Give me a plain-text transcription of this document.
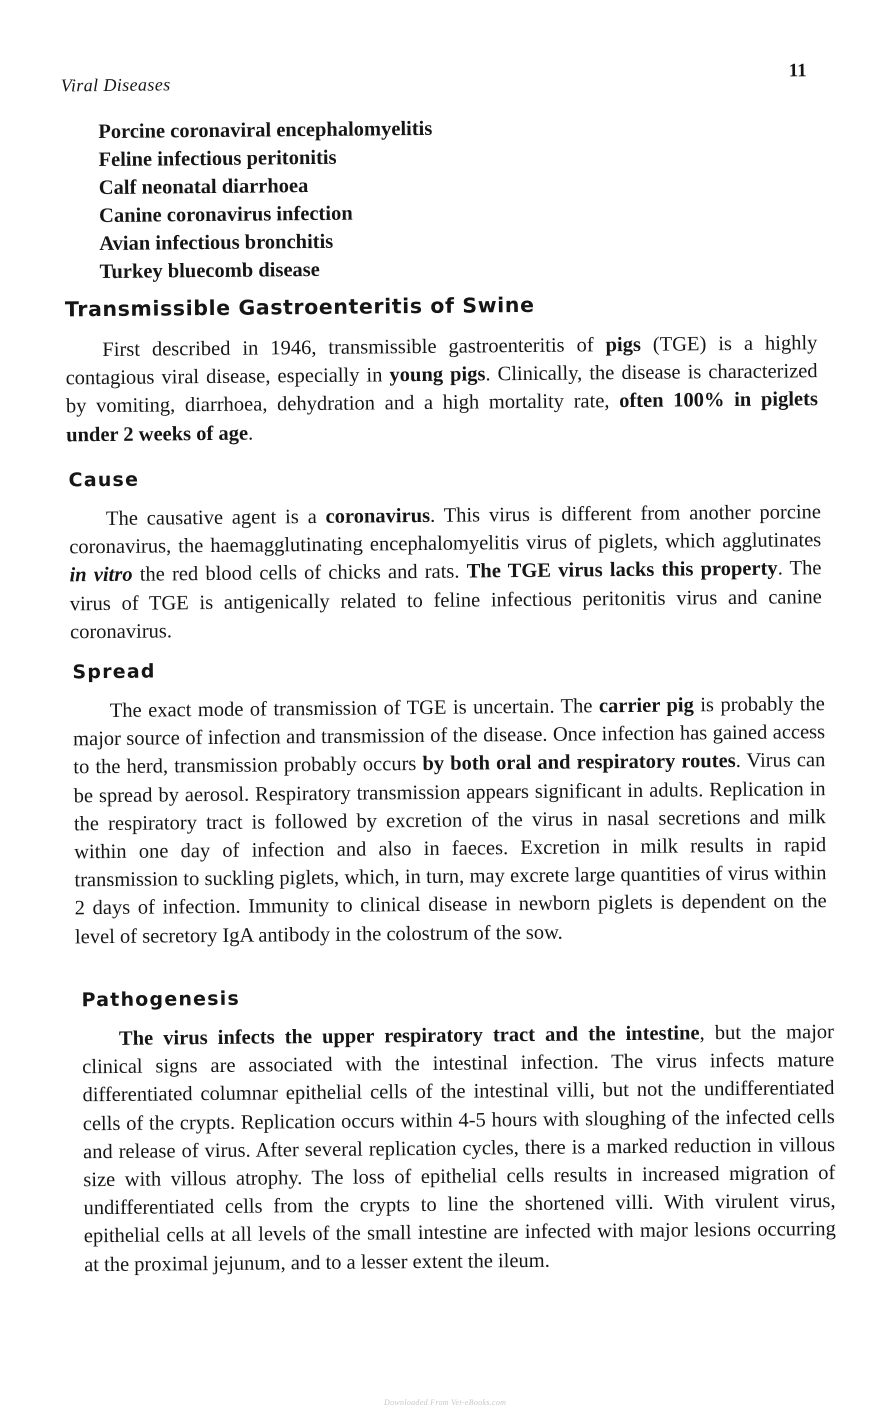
Viral Diseases
11
Porcine coronaviral encephalomyelitis
Feline infectious peritonitis
Calf neonatal diarrhoea
Canine coronavirus infection
Avian infectious bronchitis
Turkey bluecomb disease
Transmissible Gastroenteritis of Swine

First described in 1946, transmissible gastroenteritis of pigs (TGE) is a highly contagious viral disease, especially in young pigs. Clinically, the disease is characterized by vomiting, diarrhoea, dehydration and a high mortality rate, often 100% in piglets under 2 weeks of age.

Cause

The causative agent is a coronavirus. This virus is different from another porcine coronavirus, the haemagglutinating encephalomyelitis virus of piglets, which agglutinates in vitro the red blood cells of chicks and rats. The TGE virus lacks this property. The virus of TGE is antigenically related to feline infectious peritonitis virus and canine coronavirus.

Spread

The exact mode of transmission of TGE is uncertain. The carrier pig is probably the major source of infection and transmission of the disease. Once infection has gained access to the herd, transmission probably occurs by both oral and respiratory routes. Virus can be spread by aerosol. Respiratory transmission appears significant in adults. Replication in the respiratory tract is followed by excretion of the virus in nasal secretions and milk within one day of infection and also in faeces. Excretion in milk results in rapid transmission to suckling piglets, which, in turn, may excrete large quantities of virus within 2 days of infection. Immunity to clinical disease in newborn piglets is dependent on the level of secretory IgA antibody in the colostrum of the sow.

Pathogenesis

The virus infects the upper respiratory tract and the intestine, but the major clinical signs are associated with the intestinal infection. The virus infects mature differentiated columnar epithelial cells of the intestinal villi, but not the undifferentiated cells of the crypts. Replication occurs within 4-5 hours with sloughing of the infected cells and release of virus. After several replication cycles, there is a marked reduction in villous size with villous atrophy. The loss of epithelial cells results in increased migration of undifferentiated cells from the crypts to line the shortened villi. With virulent virus, epithelial cells at all levels of the small intestine are infected with major lesions occurring at the proximal jejunum, and to a lesser extent the ileum.

Downloaded From Vet-eBooks.com
